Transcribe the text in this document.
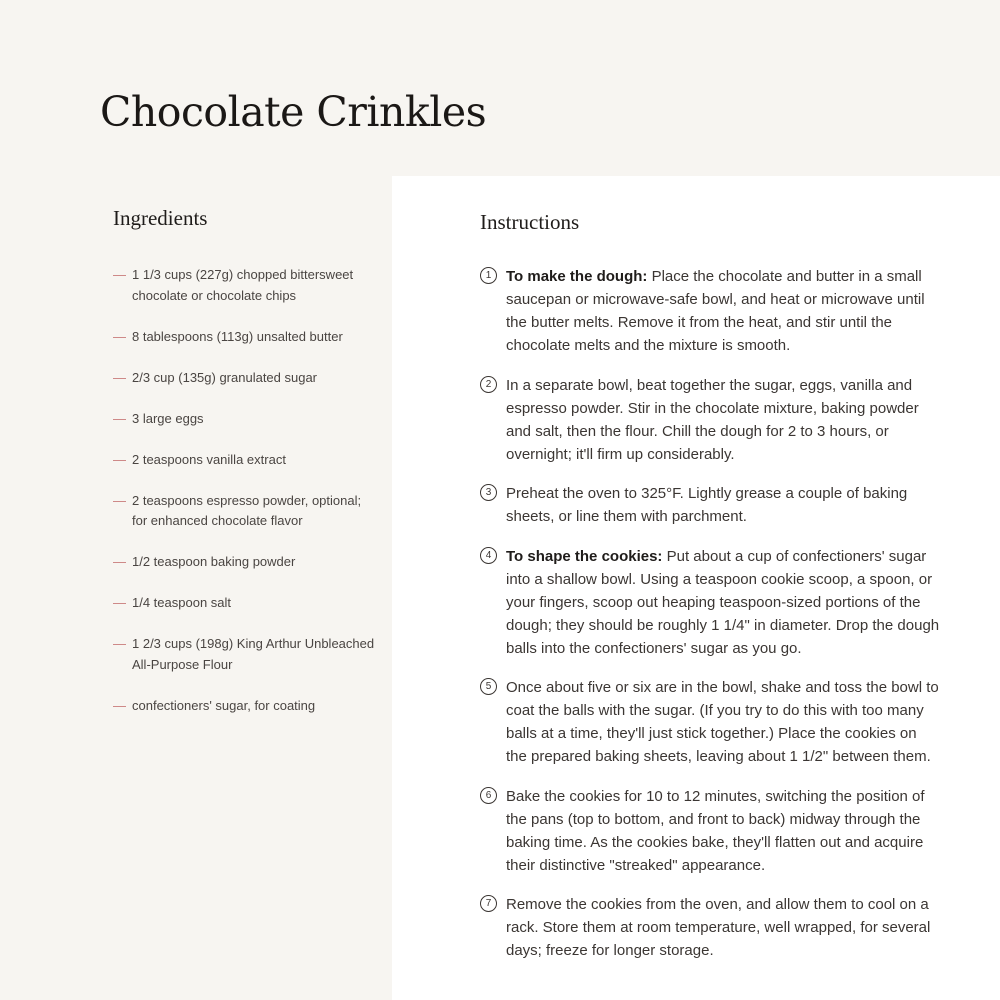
Chocolate Crinkles
Ingredients
— 1 1/3 cups (227g) chopped bittersweet chocolate or chocolate chips
— 8 tablespoons (113g) unsalted butter
— 2/3 cup (135g) granulated sugar
— 3 large eggs
— 2 teaspoons vanilla extract
— 2 teaspoons espresso powder, optional; for enhanced chocolate flavor
— 1/2 teaspoon baking powder
— 1/4 teaspoon salt
— 1 2/3 cups (198g) King Arthur Unbleached All-Purpose Flour
— confectioners' sugar, for coating
Instructions
1 To make the dough: Place the chocolate and butter in a small saucepan or microwave-safe bowl, and heat or microwave until the butter melts. Remove it from the heat, and stir until the chocolate melts and the mixture is smooth.
2 In a separate bowl, beat together the sugar, eggs, vanilla and espresso powder. Stir in the chocolate mixture, baking powder and salt, then the flour. Chill the dough for 2 to 3 hours, or overnight; it'll firm up considerably.
3 Preheat the oven to 325°F. Lightly grease a couple of baking sheets, or line them with parchment.
4 To shape the cookies: Put about a cup of confectioners' sugar into a shallow bowl. Using a teaspoon cookie scoop, a spoon, or your fingers, scoop out heaping teaspoon-sized portions of the dough; they should be roughly 1 1/4" in diameter. Drop the dough balls into the confectioners' sugar as you go.
5 Once about five or six are in the bowl, shake and toss the bowl to coat the balls with the sugar. (If you try to do this with too many balls at a time, they'll just stick together.) Place the cookies on the prepared baking sheets, leaving about 1 1/2" between them.
6 Bake the cookies for 10 to 12 minutes, switching the position of the pans (top to bottom, and front to back) midway through the baking time. As the cookies bake, they'll flatten out and acquire their distinctive "streaked" appearance.
7 Remove the cookies from the oven, and allow them to cool on a rack. Store them at room temperature, well wrapped, for several days; freeze for longer storage.
